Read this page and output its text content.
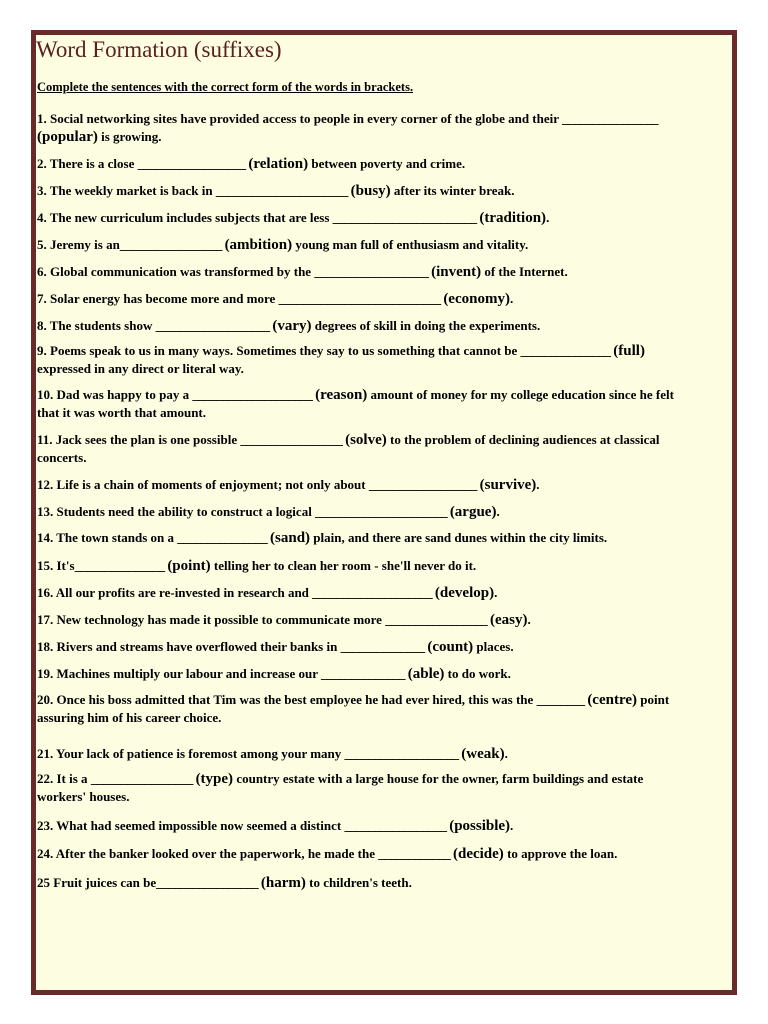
Word Formation (suffixes)
Complete the sentences with the correct form of the words in brackets.

1. Social networking sites have provided access to people in every corner of the globe and their ________________ (popular) is growing.

2. There is a close __________________ (relation) between poverty and crime.

3. The weekly market is back in ______________________ (busy) after its winter break.

4. The new curriculum includes subjects that are less ________________________ (tradition).

5. Jeremy is an_________________ (ambition) young man full of enthusiasm and vitality.

6. Global communication was transformed by the ___________________ (invent) of the Internet.

7. Solar energy has become more and more ___________________________ (economy).

8. The students show ___________________ (vary) degrees of skill in doing the experiments.

9. Poems speak to us in many ways. Sometimes they say to us something that cannot be _______________ (full) expressed in any direct or literal way.

10. Dad was happy to pay a ____________________ (reason) amount of money for my college education since he felt that it was worth that amount.

11. Jack sees the plan is one possible _________________ (solve) to the problem of declining audiences at classical concerts.

12. Life is a chain of moments of enjoyment; not only about __________________ (survive).

13. Students need the ability to construct a logical ______________________ (argue).

14. The town stands on a _______________ (sand) plain, and there are sand dunes within the city limits.

15. It's_______________ (point) telling her to clean her room - she'll never do it.

16. All our profits are re-invested in research and ____________________ (develop).

17. New technology has made it possible to communicate more _________________ (easy).

18. Rivers and streams have overflowed their banks in ______________ (count) places.

19. Machines multiply our labour and increase our ______________ (able) to do work.

20. Once his boss admitted that Tim was the best employee he had ever hired, this was the ________ (centre) point assuring him of his career choice.

21. Your lack of patience is foremost among your many ___________________ (weak).

22. It is a _________________ (type) country estate with a large house for the owner, farm buildings and estate workers' houses.

23. What had seemed impossible now seemed a distinct _________________ (possible).

24. After the banker looked over the paperwork, he made the ____________ (decide) to approve the loan.

25 Fruit juices can be_________________ (harm) to children's teeth.
